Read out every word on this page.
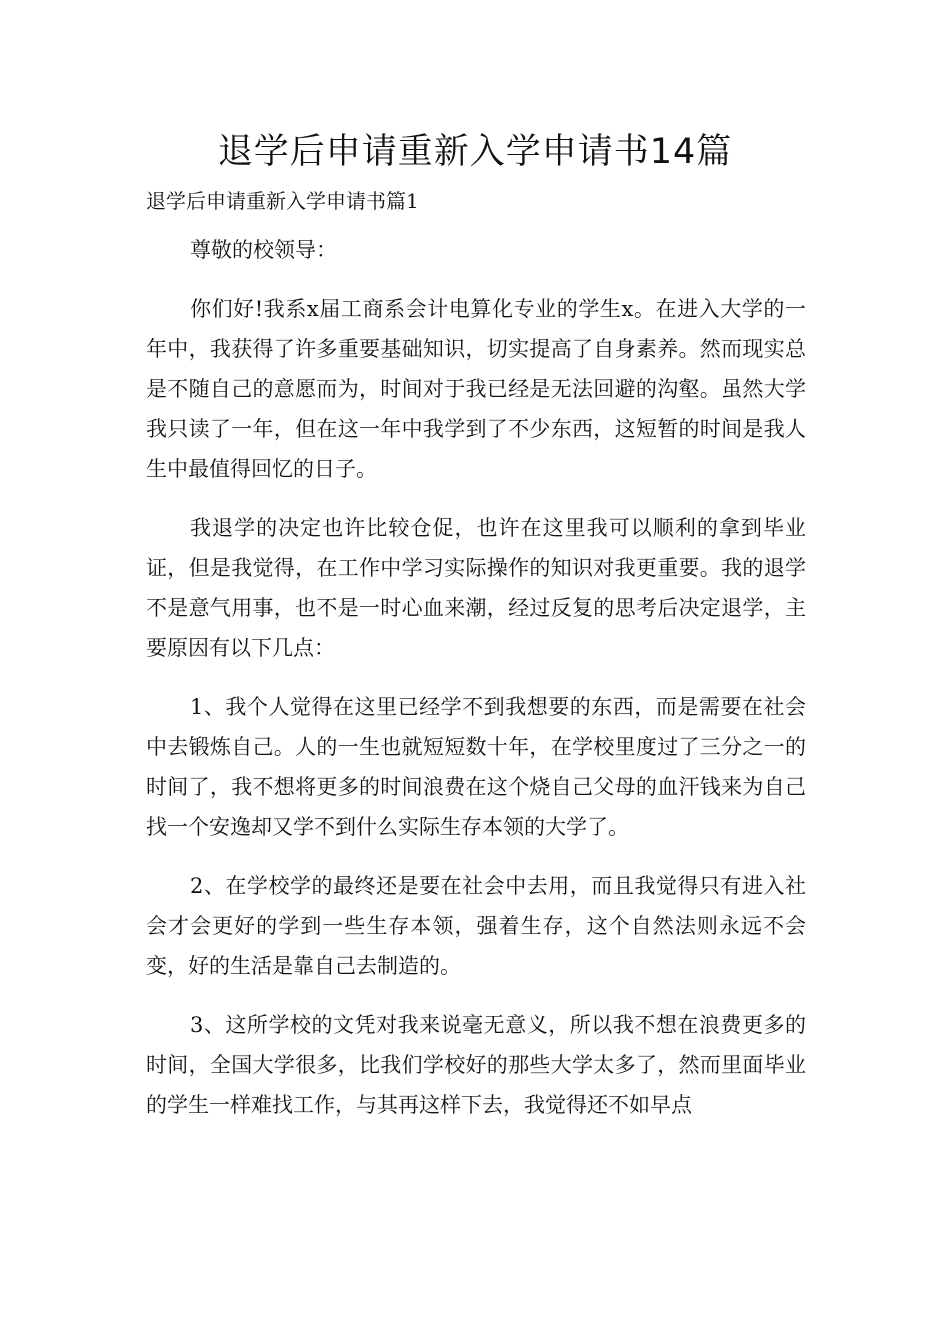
退学后申请重新入学申请书14篇
退学后申请重新入学申请书篇1

尊敬的校领导：

你们好!我系x届工商系会计电算化专业的学生x。在进入大学的一年中，我获得了许多重要基础知识，切实提高了自身素养。然而现实总是不随自己的意愿而为，时间对于我已经是无法回避的沟壑。虽然大学我只读了一年，但在这一年中我学到了不少东西，这短暂的时间是我人生中最值得回忆的日子。

我退学的决定也许比较仓促，也许在这里我可以顺利的拿到毕业证，但是我觉得，在工作中学习实际操作的知识对我更重要。我的退学不是意气用事，也不是一时心血来潮，经过反复的思考后决定退学，主要原因有以下几点：

1、我个人觉得在这里已经学不到我想要的东西，而是需要在社会中去锻炼自己。人的一生也就短短数十年，在学校里度过了三分之一的时间了，我不想将更多的时间浪费在这个烧自己父母的血汗钱来为自己找一个安逸却又学不到什么实际生存本领的大学了。

2、在学校学的最终还是要在社会中去用，而且我觉得只有进入社会才会更好的学到一些生存本领，强着生存，这个自然法则永远不会变，好的生活是靠自己去制造的。

3、这所学校的文凭对我来说毫无意义，所以我不想在浪费更多的时间，全国大学很多，比我们学校好的那些大学太多了，然而里面毕业的学生一样难找工作，与其再这样下去，我觉得还不如早点
